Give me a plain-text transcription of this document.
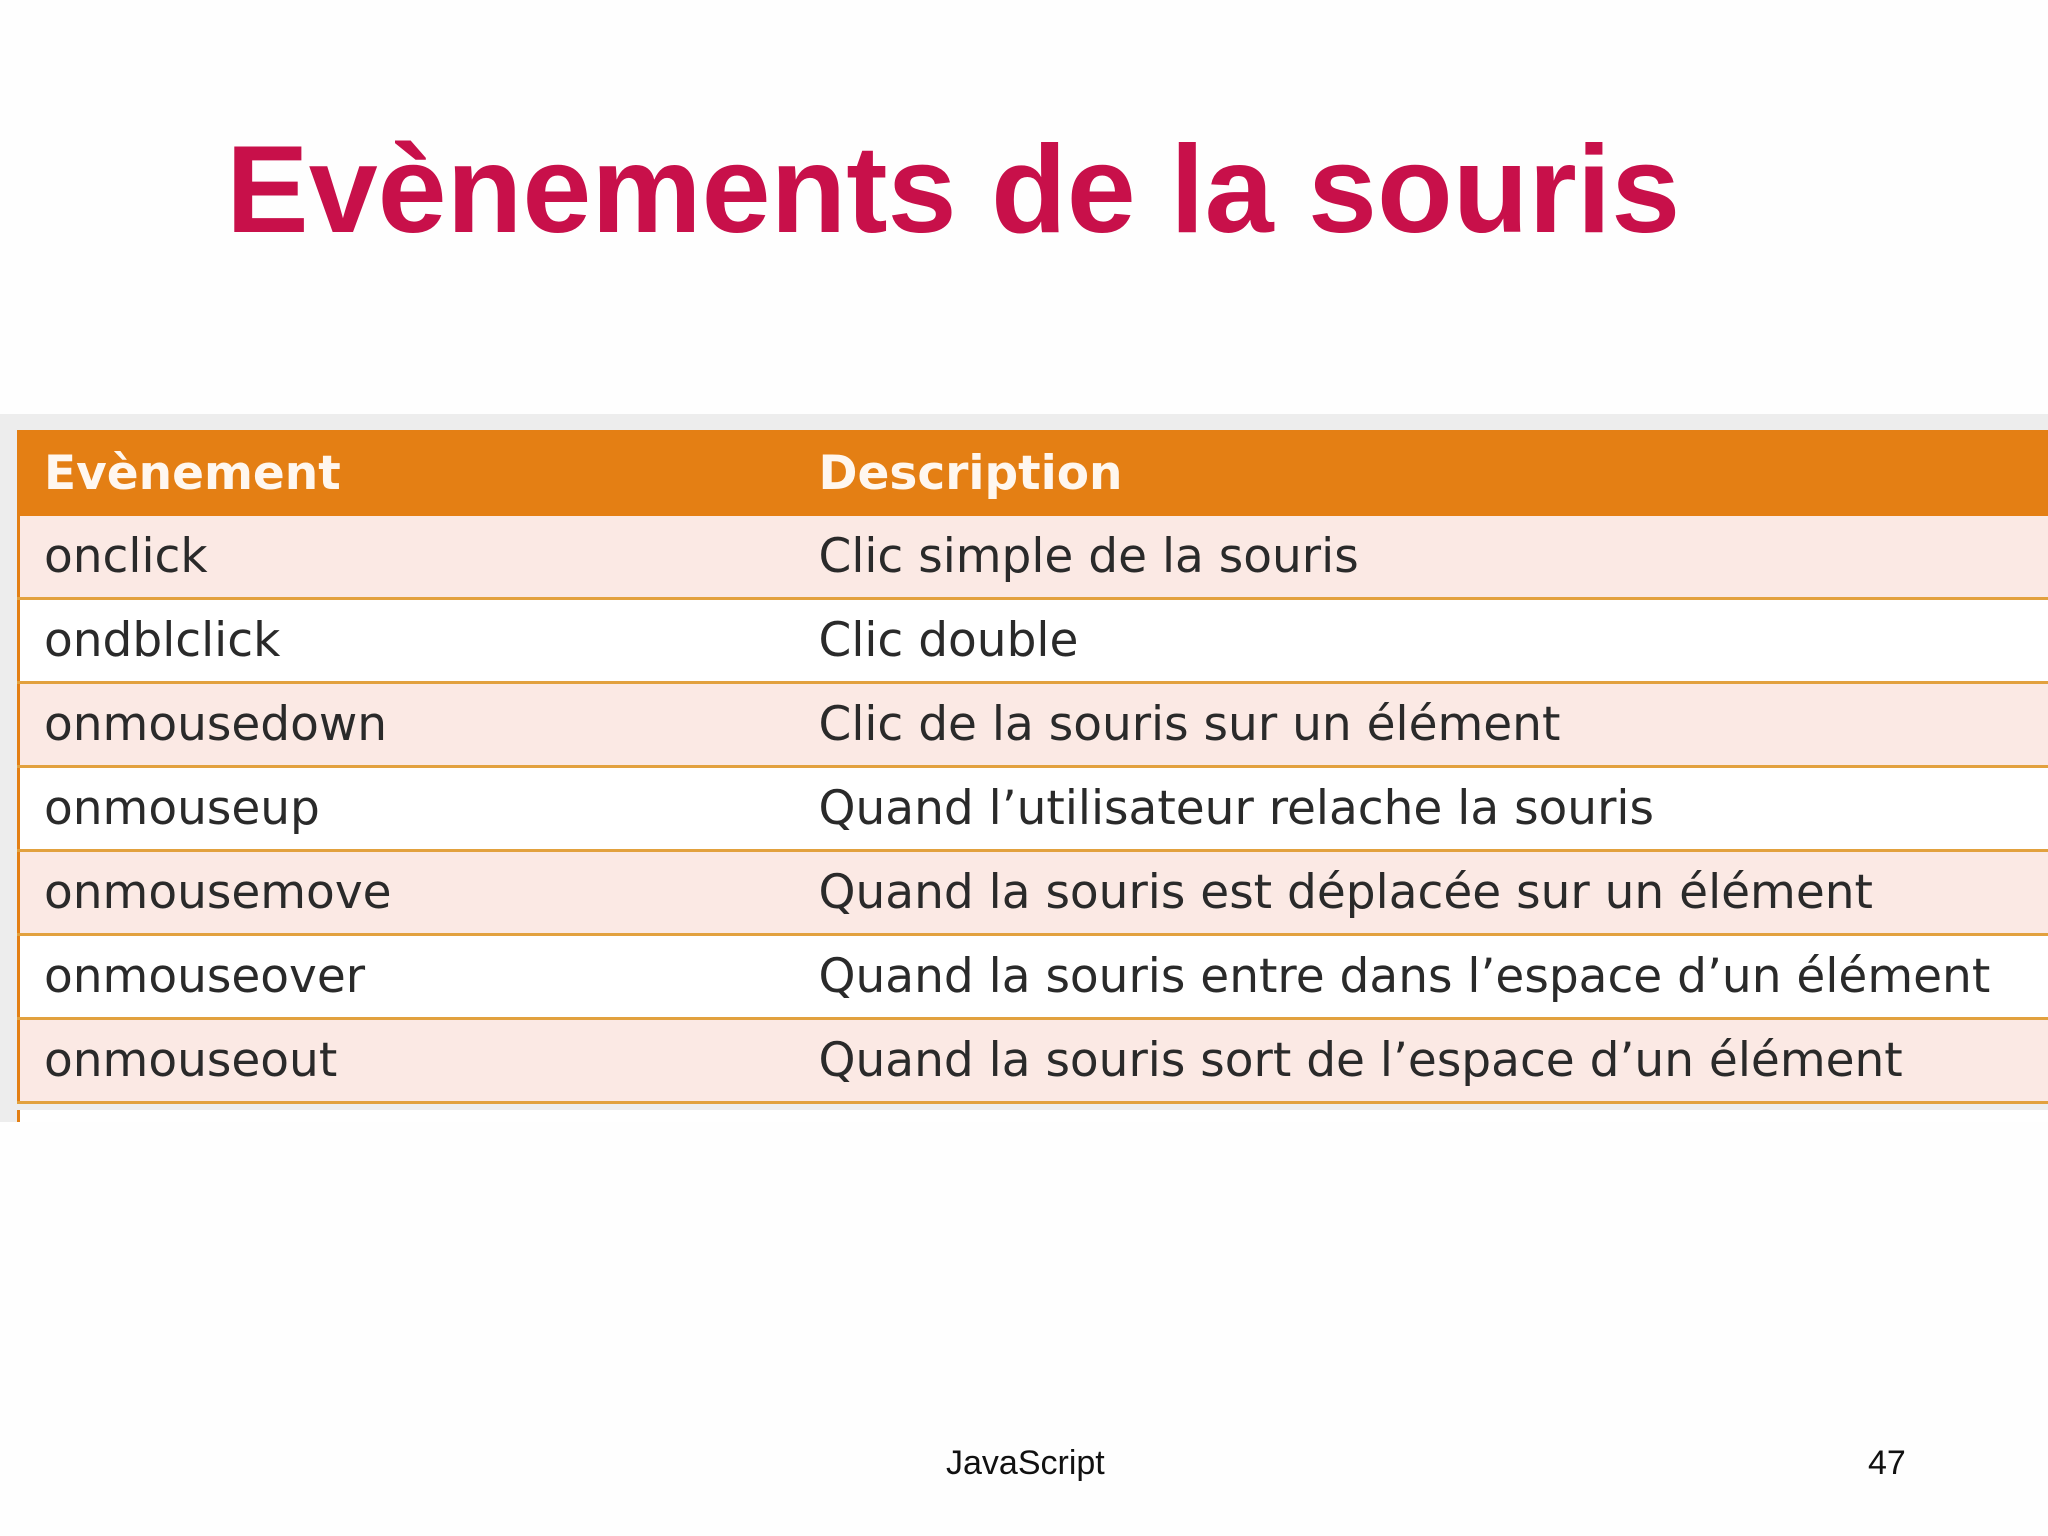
Evènements de la souris
Evènement	Description
onclick	Clic simple de la souris
ondblclick	Clic double
onmousedown	Clic de la souris sur un élément
onmouseup	Quand l’utilisateur relache la souris
onmousemove	Quand la souris est déplacée sur un élément
onmouseover	Quand la souris entre dans l’espace d’un élément
onmouseout	Quand la souris sort de l’espace d’un élément
JavaScript	47
